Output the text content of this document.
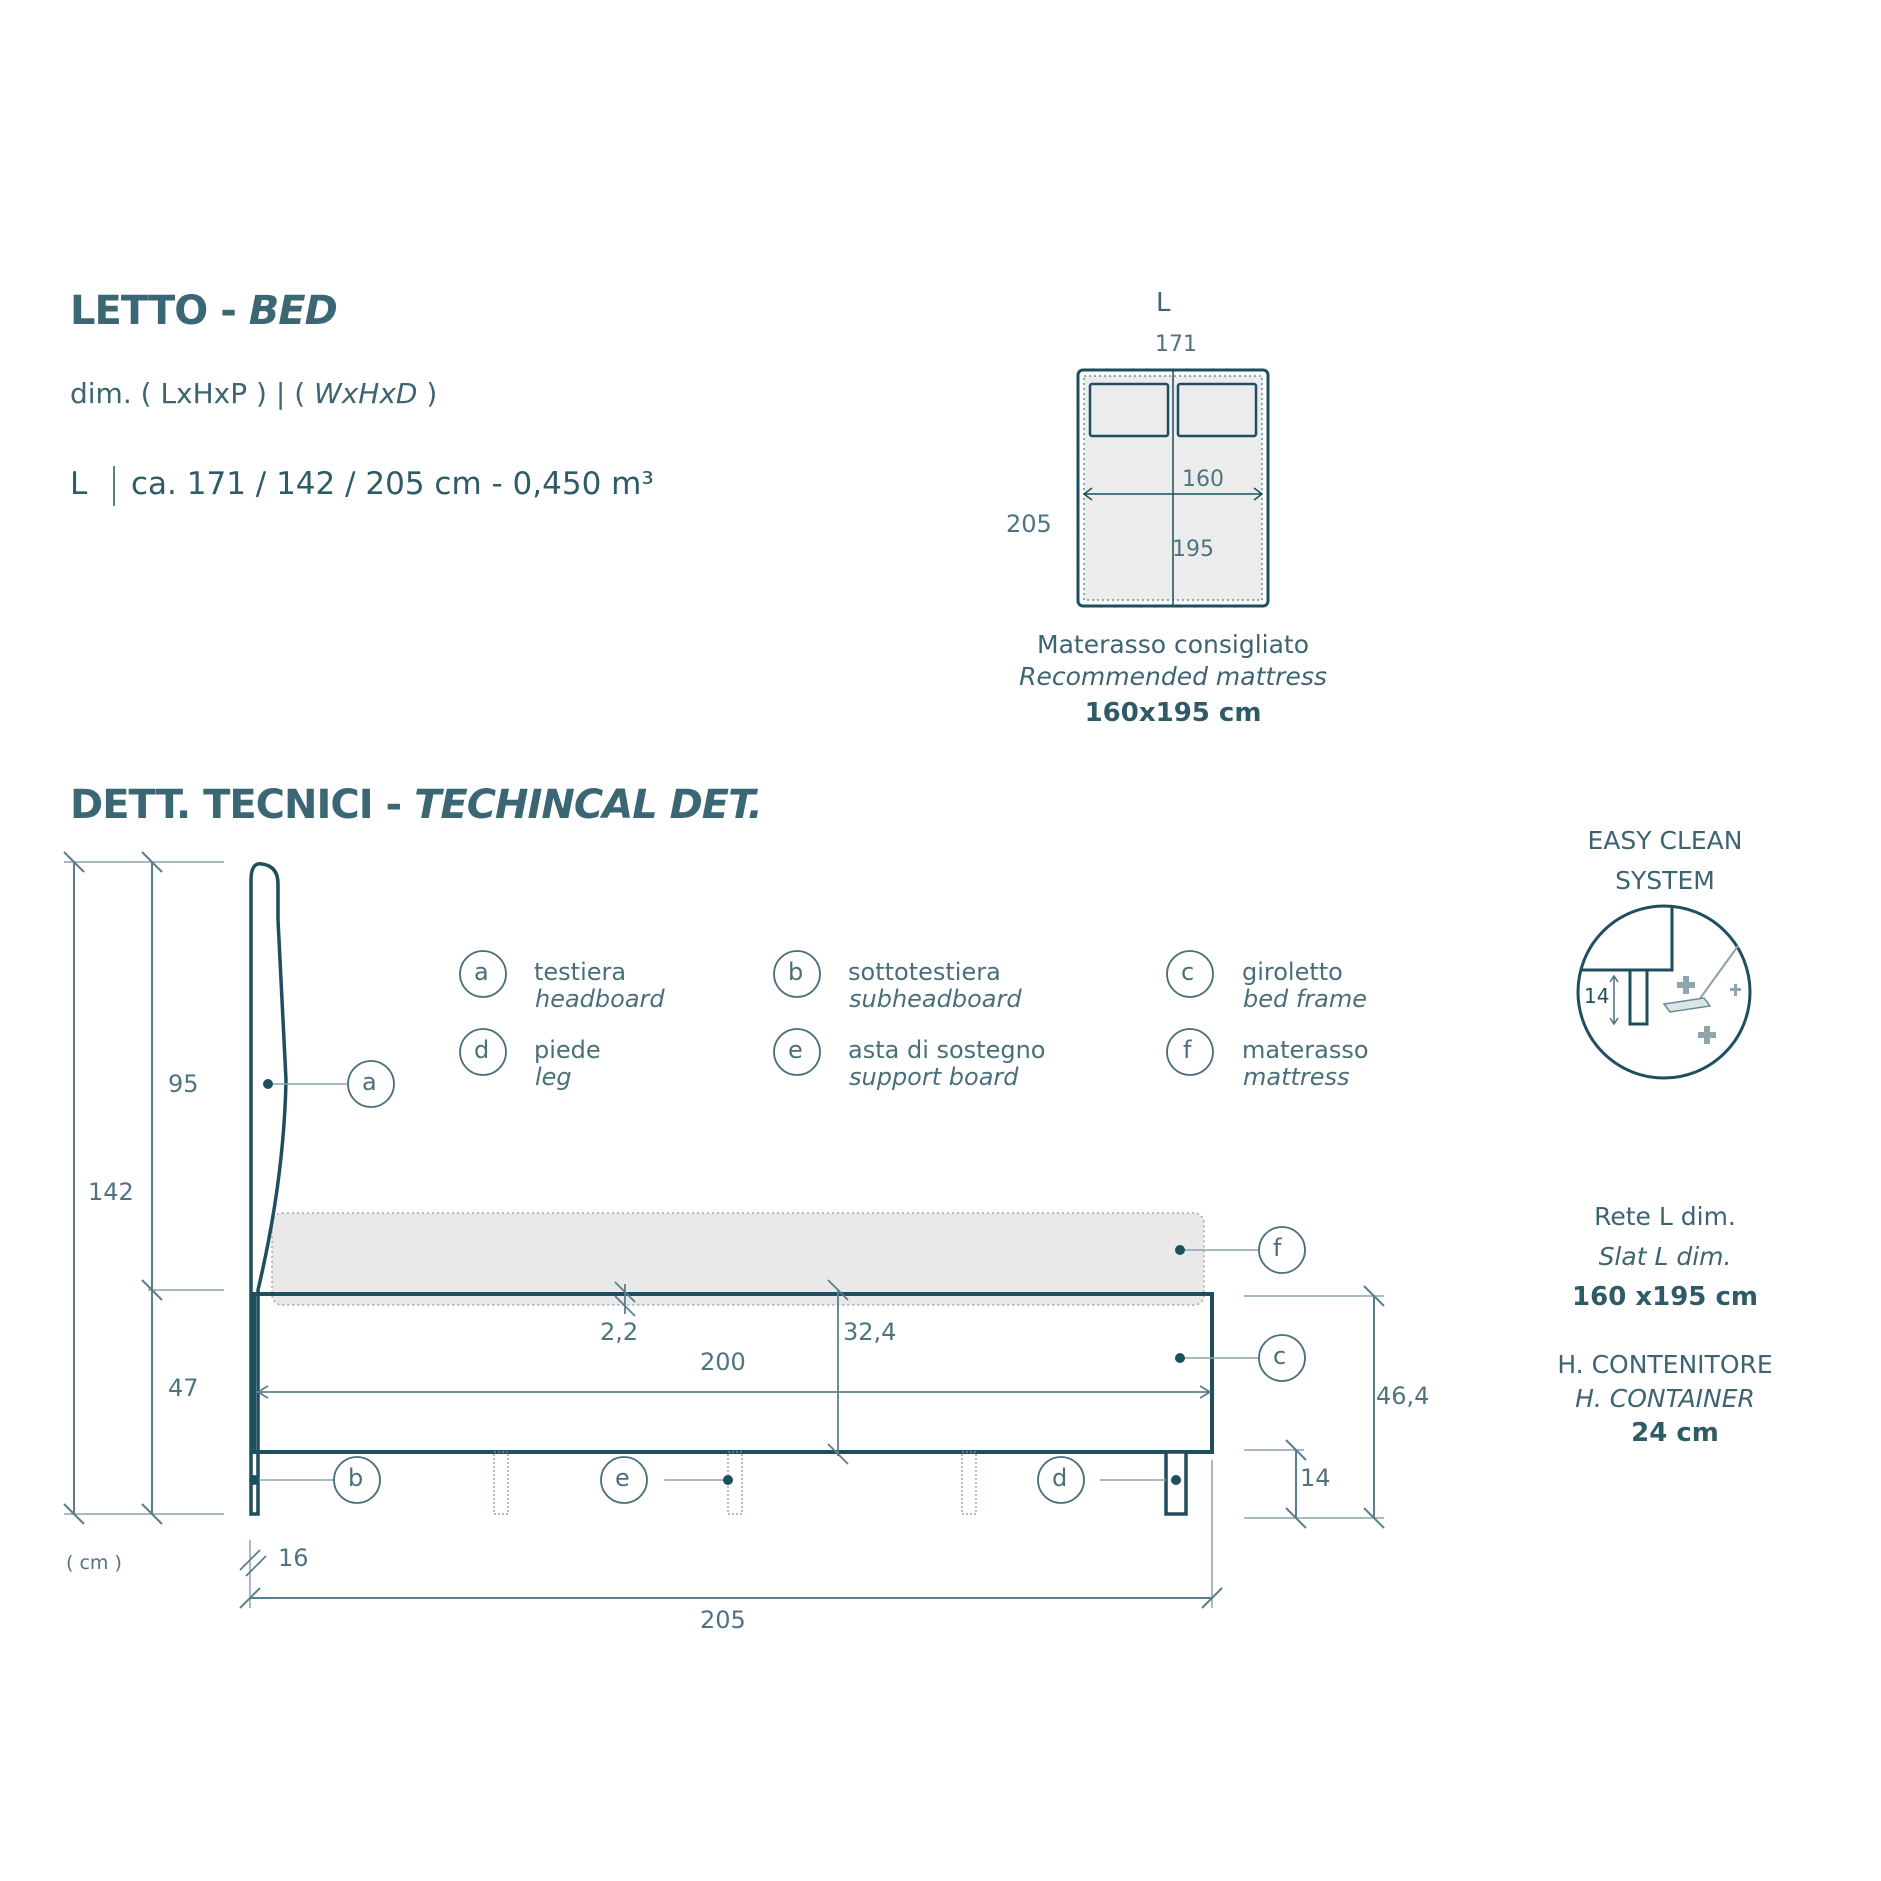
LETTO - BED
dim. ( LxHxP ) | ( WxHxD )
L ca. 171 / 142 / 205 cm - 0,450 m³
L
171
205
160
195
Materasso consigliato
Recommended mattress
160x195 cm
DETT. TECNICI - TECHINCAL DET.
a testiera
headboard
b sottotestiera
subheadboard
c giroletto
bed frame
d piede
leg
e asta di sostegno
support board
f materasso
mattress
a
f
c
b	e	d
142
95
47
2,2	32,4
200
46,4
14
16
205
( cm )
EASY CLEAN
SYSTEM
14
Rete L dim.
Slat L dim.
160 x195 cm
H. CONTENITORE
H. CONTAINER
24 cm
